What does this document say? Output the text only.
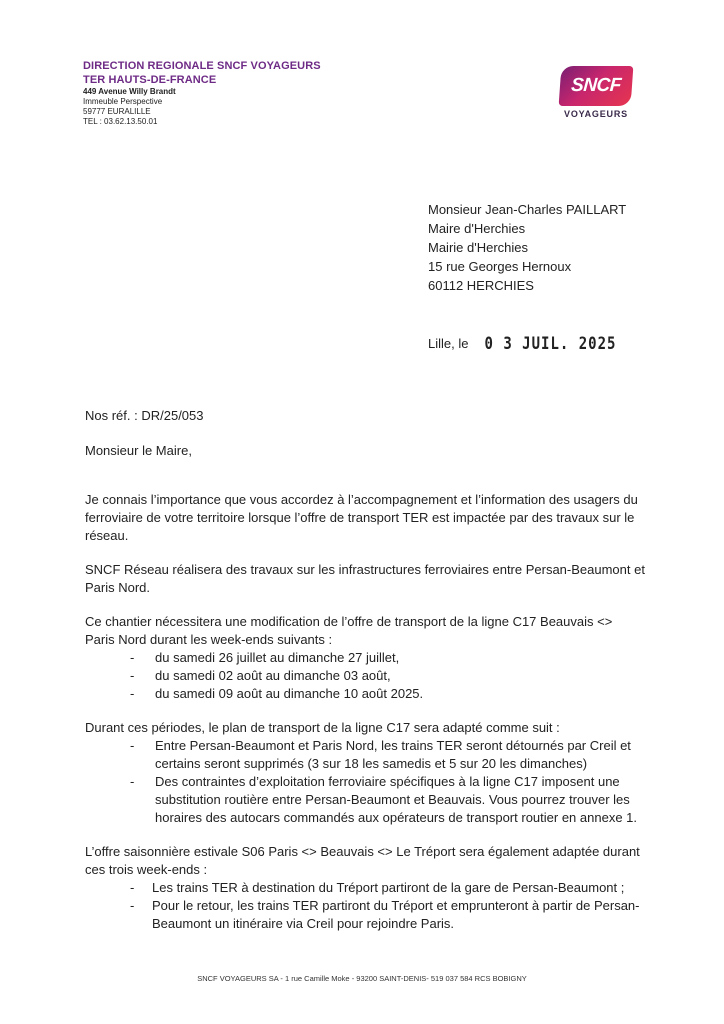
DIRECTION REGIONALE SNCF VOYAGEURS
TER HAUTS-DE-FRANCE
449 Avenue Willy Brandt
Immeuble Perspective
59777 EURALILLE
TEL : 03.62.13.50.01
SNCF
VOYAGEURS
Monsieur Jean-Charles PAILLART
Maire d'Herchies
Mairie d'Herchies
15 rue Georges Hernoux
60112 HERCHIES
Lille, le 0 3 JUIL. 2025

Nos réf. : DR/25/053

Monsieur le Maire,

Je connais l’importance que vous accordez à l’accompagnement et l’information des usagers du ferroviaire de votre territoire lorsque l’offre de transport TER est impactée par des travaux sur le réseau.

SNCF Réseau réalisera des travaux sur les infrastructures ferroviaires entre Persan-Beaumont et Paris Nord.

Ce chantier nécessitera une modification de l’offre de transport de la ligne C17 Beauvais <> Paris Nord durant les week-ends suivants :

- du samedi 26 juillet au dimanche 27 juillet,
- du samedi 02 août au dimanche 03 août,
- du samedi 09 août au dimanche 10 août 2025.

Durant ces périodes, le plan de transport de la ligne C17 sera adapté comme suit :

- Entre Persan-Beaumont et Paris Nord, les trains TER seront détournés par Creil et certains seront supprimés (3 sur 18 les samedis et 5 sur 20 les dimanches)
- Des contraintes d’exploitation ferroviaire spécifiques à la ligne C17 imposent une substitution routière entre Persan-Beaumont et Beauvais. Vous pourrez trouver les horaires des autocars commandés aux opérateurs de transport routier en annexe 1.

L’offre saisonnière estivale S06 Paris <> Beauvais <> Le Tréport sera également adaptée durant ces trois week-ends :

- Les trains TER à destination du Tréport partiront de la gare de Persan-Beaumont ;
- Pour le retour, les trains TER partiront du Tréport et emprunteront à partir de Persan-Beaumont un itinéraire via Creil pour rejoindre Paris.
SNCF VOYAGEURS SA - 1 rue Camille Moke - 93200 SAINT-DENIS- 519 037 584 RCS BOBIGNY
